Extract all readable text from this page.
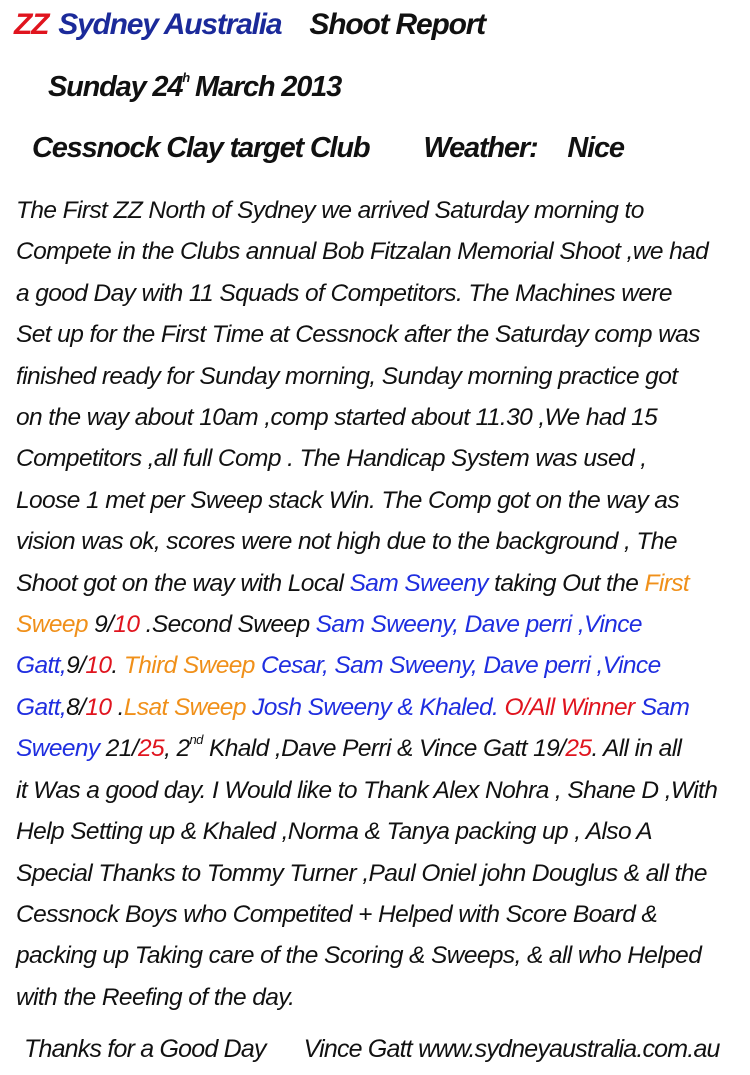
ZZ Sydney Australia Shoot Report
Sunday 24$^h$ March 2013
Cessnock Clay target Club Weather: Nice
The First ZZ North of Sydney we arrived Saturday morning to
Compete in the Clubs annual Bob Fitzalan Memorial Shoot ,we had
a good Day with 11 Squads of Competitors. The Machines were
Set up for the First Time at Cessnock after the Saturday comp was
finished ready for Sunday morning, Sunday morning practice got
on the way about 10am ,comp started about 11.30 ,We had 15
Competitors ,all full Comp . The Handicap System was used ,
Loose 1 met per Sweep stack Win. The Comp got on the way as
vision was ok, scores were not high due to the background , The
Shoot got on the way with Local Sam Sweeny taking Out the First
Sweep 9/10 .Second Sweep Sam Sweeny, Dave perri ,Vince
Gatt,9/10. Third Sweep Cesar, Sam Sweeny, Dave perri ,Vince
Gatt,8/10 .Lsat Sweep Josh Sweeny & Khaled. O/All Winner Sam
Sweeny 21/25, 2nd Khald ,Dave Perri & Vince Gatt 19/25. All in all
it Was a good day. I Would like to Thank Alex Nohra , Shane D ,With
Help Setting up & Khaled ,Norma & Tanya packing up , Also A
Special Thanks to Tommy Turner ,Paul Oniel john Douglus & all the
Cessnock Boys who Competited + Helped with Score Board &
packing up Taking care of the Scoring & Sweeps, & all who Helped
with the Reefing of the day.
Thanks for a Good Day Vince Gatt www.sydneyaustralia.com.au
